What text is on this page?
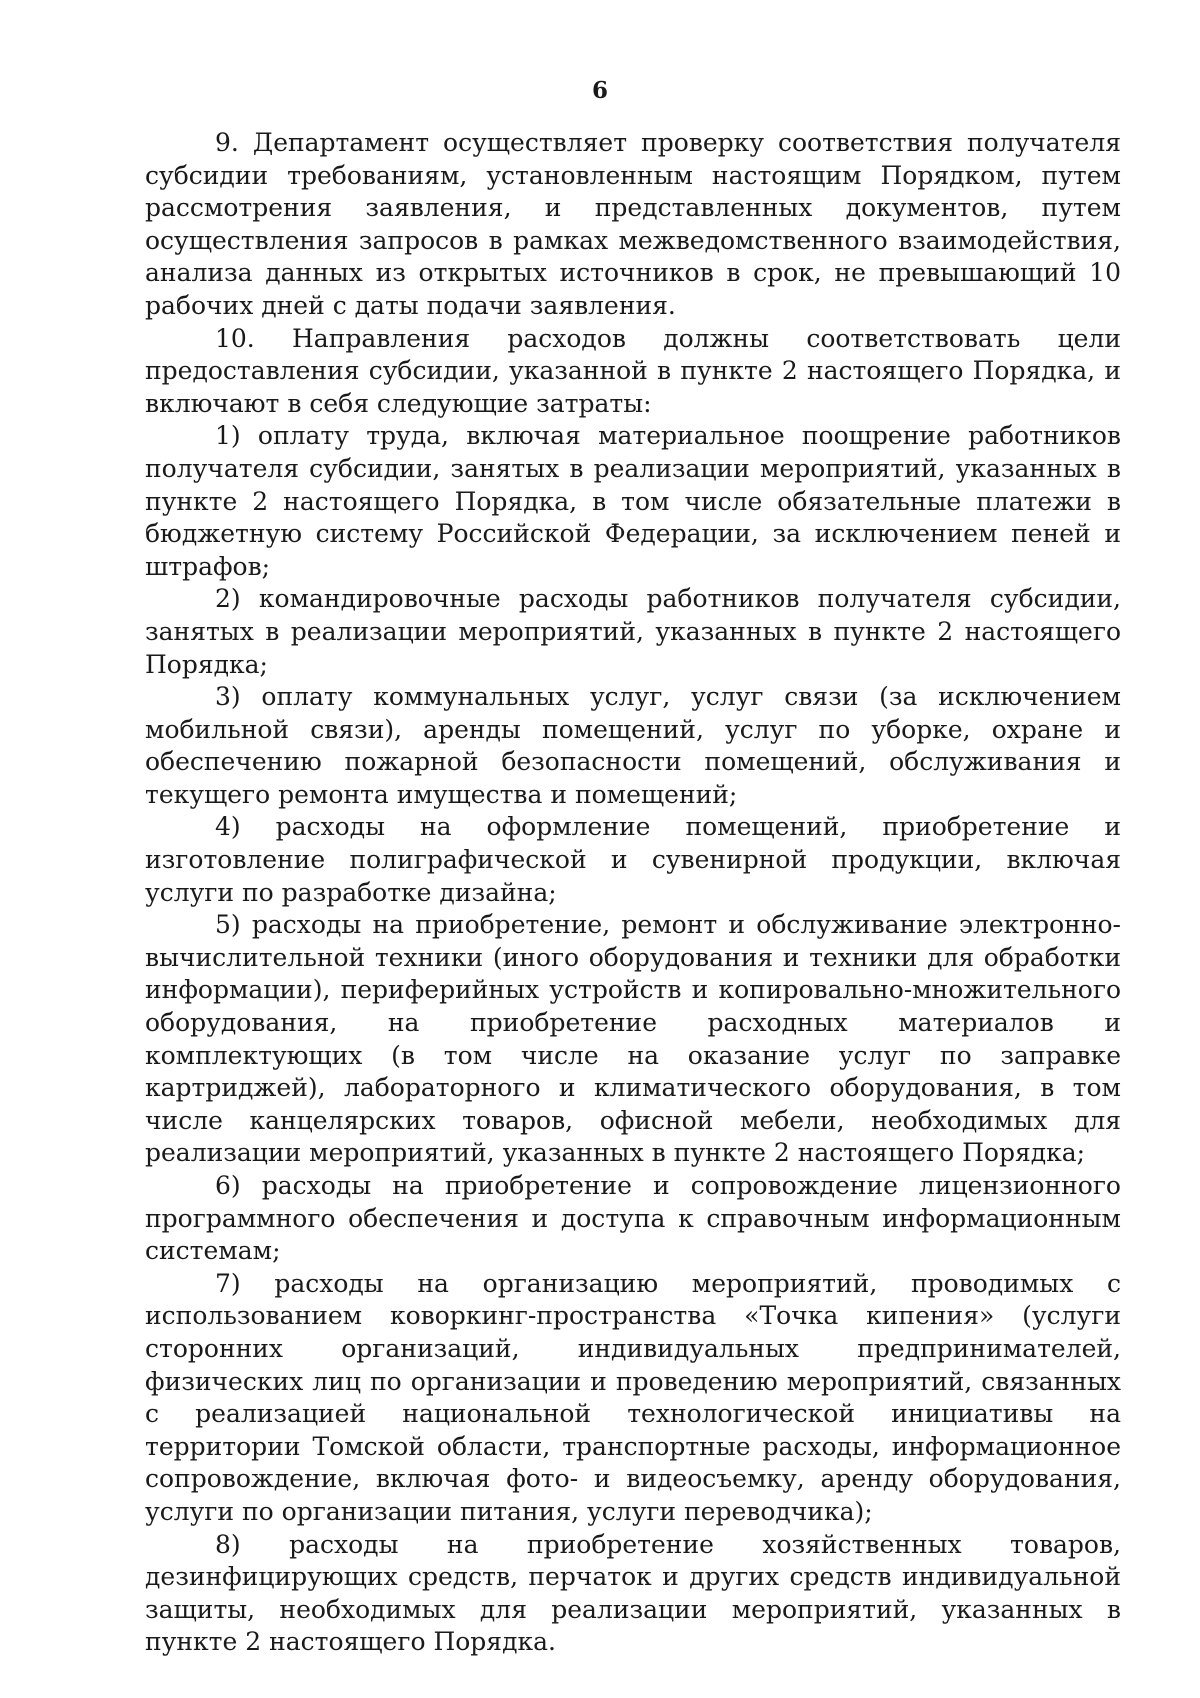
6

9. Департамент осуществляет проверку соответствия получателя субсидии требованиям, установленным настоящим Порядком, путем рассмотрения заявления, и представленных документов, путем осуществления запросов в рамках межведомственного взаимодействия, анализа данных из открытых источников в срок, не превышающий 10 рабочих дней с даты подачи заявления.

10. Направления расходов должны соответствовать цели предоставления субсидии, указанной в пункте 2 настоящего Порядка, и включают в себя следующие затраты:

1) оплату труда, включая материальное поощрение работников получателя субсидии, занятых в реализации мероприятий, указанных в пункте 2 настоящего Порядка, в том числе обязательные платежи в бюджетную систему Российской Федерации, за исключением пеней и штрафов;

2) командировочные расходы работников получателя субсидии, занятых в реализации мероприятий, указанных в пункте 2 настоящего Порядка;

3) оплату коммунальных услуг, услуг связи (за исключением мобильной связи), аренды помещений, услуг по уборке, охране и обеспечению пожарной безопасности помещений, обслуживания и текущего ремонта имущества и помещений;

4) расходы на оформление помещений, приобретение и изготовление полиграфической и сувенирной продукции, включая услуги по разработке дизайна;

5) расходы на приобретение, ремонт и обслуживание электронно-вычислительной техники (иного оборудования и техники для обработки информации), периферийных устройств и копировально-множительного оборудования, на приобретение расходных материалов и комплектующих (в том числе на оказание услуг по заправке картриджей), лабораторного и климатического оборудования, в том числе канцелярских товаров, офисной мебели, необходимых для реализации мероприятий, указанных в пункте 2 настоящего Порядка;

6) расходы на приобретение и сопровождение лицензионного программного обеспечения и доступа к справочным информационным системам;

7) расходы на организацию мероприятий, проводимых с использованием коворкинг-пространства «Точка кипения» (услуги сторонних организаций, индивидуальных предпринимателей, физических лиц по организации и проведению мероприятий, связанных с реализацией национальной технологической инициативы на территории Томской области, транспортные расходы, информационное сопровождение, включая фото- и видеосъемку, аренду оборудования, услуги по организации питания, услуги переводчика);

8) расходы на приобретение хозяйственных товаров, дезинфицирующих средств, перчаток и других средств индивидуальной защиты, необходимых для реализации мероприятий, указанных в пункте 2 настоящего Порядка.
